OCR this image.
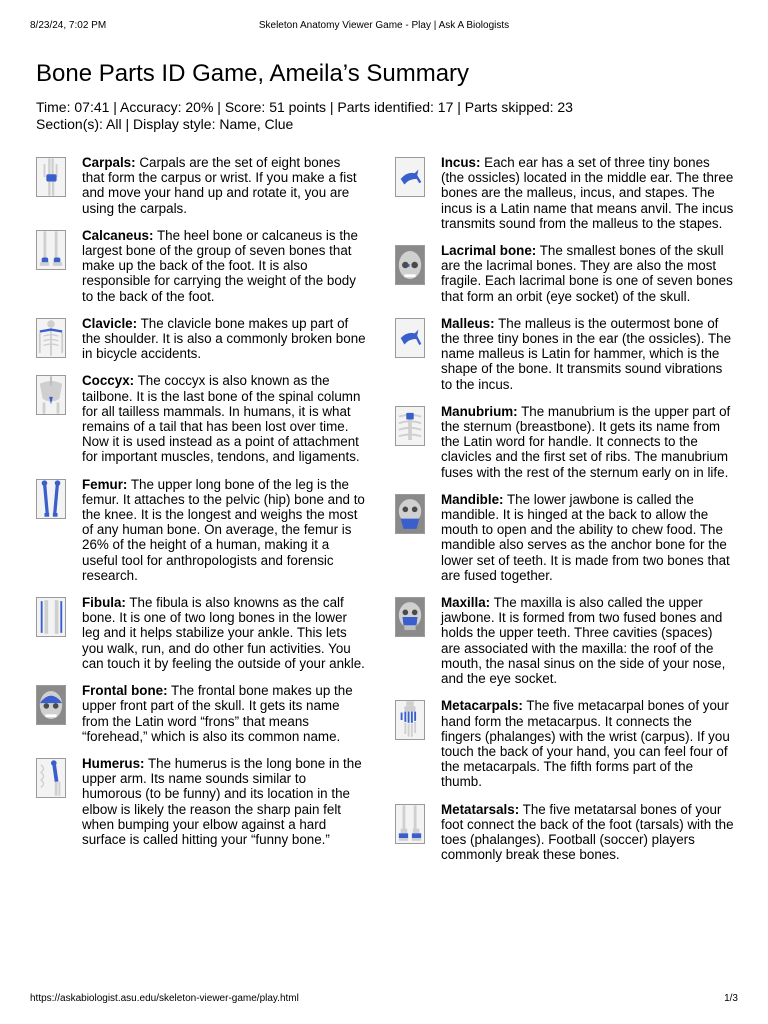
8/23/24, 7:02 PM	Skeleton Anatomy Viewer Game - Play | Ask A Biologists
Bone Parts ID Game, Ameila’s Summary
Time: 07:41 | Accuracy: 20% | Score: 51 points | Parts identified: 17 | Parts skipped: 23
Section(s): All | Display style: Name, Clue
Carpals: Carpals are the set of eight bones that form the carpus or wrist. If you make a fist and move your hand up and rotate it, you are using the carpals.
Calcaneus: The heel bone or calcaneus is the largest bone of the group of seven bones that make up the back of the foot. It is also responsible for carrying the weight of the body to the back of the foot.
Clavicle: The clavicle bone makes up part of the shoulder. It is also a commonly broken bone in bicycle accidents.
Coccyx: The coccyx is also known as the tailbone. It is the last bone of the spinal column for all tailless mammals. In humans, it is what remains of a tail that has been lost over time. Now it is used instead as a point of attachment for important muscles, tendons, and ligaments.
Femur: The upper long bone of the leg is the femur. It attaches to the pelvic (hip) bone and to the knee. It is the longest and weighs the most of any human bone. On average, the femur is 26% of the height of a human, making it a useful tool for anthropologists and forensic research.
Fibula: The fibula is also knowns as the calf bone. It is one of two long bones in the lower leg and it helps stabilize your ankle. This lets you walk, run, and do other fun activities. You can touch it by feeling the outside of your ankle.
Frontal bone: The frontal bone makes up the upper front part of the skull. It gets its name from the Latin word “frons” that means “forehead,” which is also its common name.
Humerus: The humerus is the long bone in the upper arm. Its name sounds similar to humorous (to be funny) and its location in the elbow is likely the reason the sharp pain felt when bumping your elbow against a hard surface is called hitting your “funny bone.”
Incus: Each ear has a set of three tiny bones (the ossicles) located in the middle ear. The three bones are the malleus, incus, and stapes. The incus is a Latin name that means anvil. The incus transmits sound from the malleus to the stapes.
Lacrimal bone: The smallest bones of the skull are the lacrimal bones. They are also the most fragile. Each lacrimal bone is one of seven bones that form an orbit (eye socket) of the skull.
Malleus: The malleus is the outermost bone of the three tiny bones in the ear (the ossicles). The name malleus is Latin for hammer, which is the shape of the bone. It transmits sound vibrations to the incus.
Manubrium: The manubrium is the upper part of the sternum (breastbone). It gets its name from the Latin word for handle. It connects to the clavicles and the first set of ribs. The manubrium fuses with the rest of the sternum early on in life.
Mandible: The lower jawbone is called the mandible. It is hinged at the back to allow the mouth to open and the ability to chew food. The mandible also serves as the anchor bone for the lower set of teeth. It is made from two bones that are fused together.
Maxilla: The maxilla is also called the upper jawbone. It is formed from two fused bones and holds the upper teeth. Three cavities (spaces) are associated with the maxilla: the roof of the mouth, the nasal sinus on the side of your nose, and the eye socket.
Metacarpals: The five metacarpal bones of your hand form the metacarpus. It connects the fingers (phalanges) with the wrist (carpus). If you touch the back of your hand, you can feel four of the metacarpals. The fifth forms part of the thumb.
Metatarsals: The five metatarsal bones of your foot connect the back of the foot (tarsals) with the toes (phalanges). Football (soccer) players commonly break these bones.
https://askabiologist.asu.edu/skeleton-viewer-game/play.html	1/3
